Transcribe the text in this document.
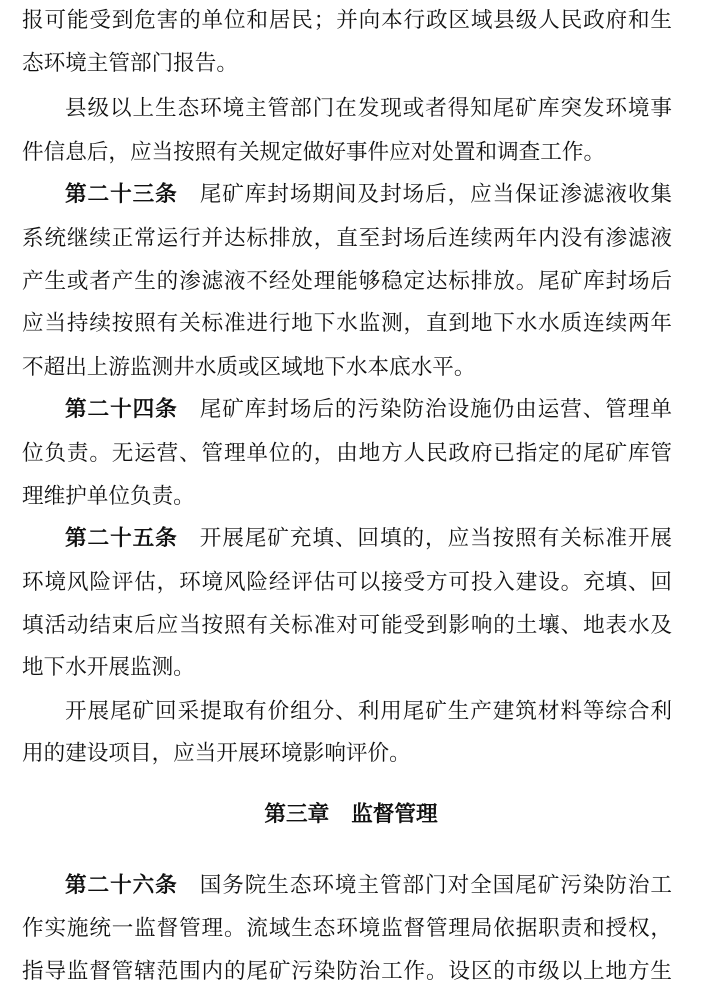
报可能受到危害的单位和居民；并向本行政区域县级人民政府和生
态环境主管部门报告。
县级以上生态环境主管部门在发现或者得知尾矿库突发环境事
件信息后，应当按照有关规定做好事件应对处置和调查工作。
第二十三条 尾矿库封场期间及封场后，应当保证渗滤液收集
系统继续正常运行并达标排放，直至封场后连续两年内没有渗滤液
产生或者产生的渗滤液不经处理能够稳定达标排放。尾矿库封场后
应当持续按照有关标准进行地下水监测，直到地下水水质连续两年
不超出上游监测井水质或区域地下水本底水平。
第二十四条 尾矿库封场后的污染防治设施仍由运营、管理单
位负责。无运营、管理单位的，由地方人民政府已指定的尾矿库管
理维护单位负责。
第二十五条 开展尾矿充填、回填的，应当按照有关标准开展
环境风险评估，环境风险经评估可以接受方可投入建设。充填、回
填活动结束后应当按照有关标准对可能受到影响的土壤、地表水及
地下水开展监测。
开展尾矿回采提取有价组分、利用尾矿生产建筑材料等综合利
用的建设项目，应当开展环境影响评价。
第三章 监督管理
第二十六条 国务院生态环境主管部门对全国尾矿污染防治工
作实施统一监督管理。流域生态环境监督管理局依据职责和授权，
指导监督管辖范围内的尾矿污染防治工作。设区的市级以上地方生
